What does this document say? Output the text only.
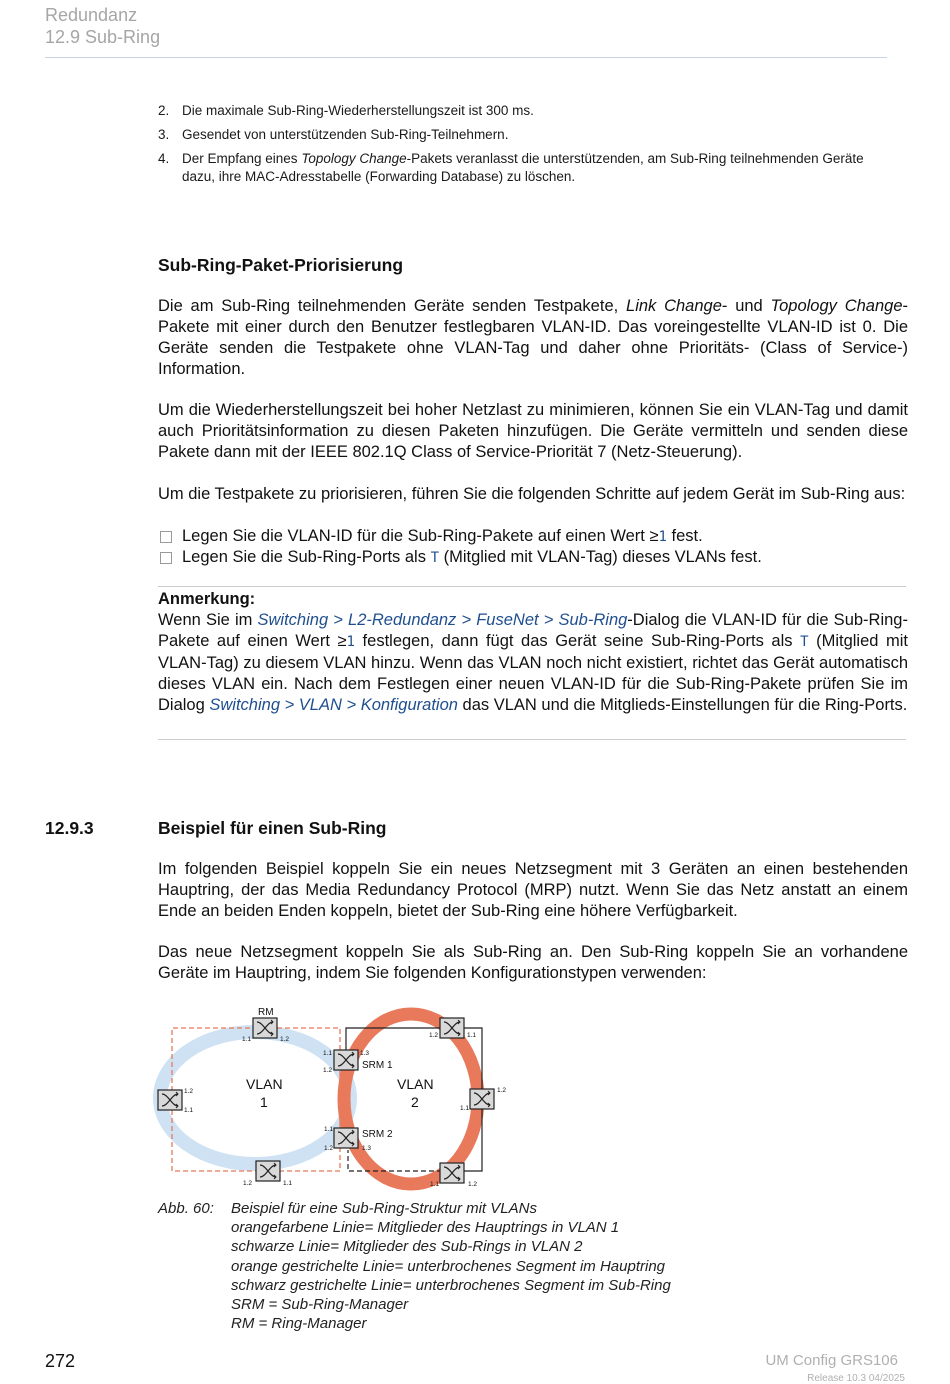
Redundanz
12.9 Sub-Ring
2. Die maximale Sub-Ring-Wiederherstellungszeit ist 300 ms.
3. Gesendet von unterstützenden Sub-Ring-Teilnehmern.
4. Der Empfang eines Topology Change-Pakets veranlasst die unterstützenden, am Sub-Ring teilnehmenden Geräte dazu, ihre MAC-Adresstabelle (Forwarding Database) zu löschen.
Sub-Ring-Paket-Priorisierung
Die am Sub-Ring teilnehmenden Geräte senden Testpakete, Link Change- und Topology Change-Pakete mit einer durch den Benutzer festlegbaren VLAN-ID. Das voreingestellte VLAN-ID ist 0. Die Geräte senden die Testpakete ohne VLAN-Tag und daher ohne Prioritäts- (Class of Service-) Information.
Um die Wiederherstellungszeit bei hoher Netzlast zu minimieren, können Sie ein VLAN-Tag und damit auch Prioritätsinformation zu diesen Paketen hinzufügen. Die Geräte vermitteln und senden diese Pakete dann mit der IEEE 802.1Q Class of Service-Priorität 7 (Netz-Steuerung).
Um die Testpakete zu priorisieren, führen Sie die folgenden Schritte auf jedem Gerät im Sub-Ring aus:
Legen Sie die VLAN-ID für die Sub-Ring-Pakete auf einen Wert ≥1 fest.
Legen Sie die Sub-Ring-Ports als T (Mitglied mit VLAN-Tag) dieses VLANs fest.
Anmerkung:
Wenn Sie im Switching > L2-Redundanz > FuseNet > Sub-Ring-Dialog die VLAN-ID für die Sub-Ring-Pakete auf einen Wert ≥1 festlegen, dann fügt das Gerät seine Sub-Ring-Ports als T (Mitglied mit VLAN-Tag) zu diesem VLAN hinzu. Wenn das VLAN noch nicht existiert, richtet das Gerät automatisch dieses VLAN ein. Nach dem Festlegen einer neuen VLAN-ID für die Sub-Ring-Pakete prüfen Sie im Dialog Switching > VLAN > Konfiguration das VLAN und die Mitglieds-Einstellungen für die Ring-Ports.
12.9.3	Beispiel für einen Sub-Ring
Im folgenden Beispiel koppeln Sie ein neues Netzsegment mit 3 Geräten an einen bestehenden Hauptring, der das Media Redundancy Protocol (MRP) nutzt. Wenn Sie das Netz anstatt an einem Ende an beiden Enden koppeln, bietet der Sub-Ring eine höhere Verfügbarkeit.
Das neue Netzsegment koppeln Sie als Sub-Ring an. Den Sub-Ring koppeln Sie an vorhandene Geräte im Hauptring, indem Sie folgenden Konfigurationstypen verwenden:
RM
SRM 1
SRM 2
VLAN
1
VLAN
2
1.1	1.2
1.2
1.1
1.2	1.1
1.1	1.3
1.2
1.1
1.2	1.3
1.2	1.1
1.2
1.1
1.1	1.2
Abb. 60: Beispiel für eine Sub-Ring-Struktur mit VLANs
orangefarbene Linie= Mitglieder des Hauptrings in VLAN 1
schwarze Linie= Mitglieder des Sub-Rings in VLAN 2
orange gestrichelte Linie= unterbrochenes Segment im Hauptring
schwarz gestrichelte Linie= unterbrochenes Segment im Sub-Ring
SRM = Sub-Ring-Manager
RM = Ring-Manager
272	UM Config GRS106
Release 10.3 04/2025
